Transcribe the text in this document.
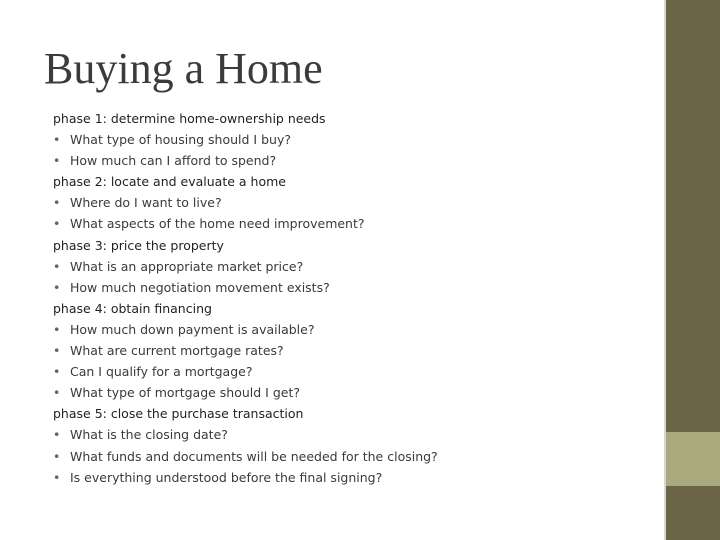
Buying a Home
phase 1: determine home-ownership needs
• What type of housing should I buy?
• How much can I afford to spend?
phase 2: locate and evaluate a home
• Where do I want to live?
• What aspects of the home need improvement?
phase 3: price the property
• What is an appropriate market price?
• How much negotiation movement exists?
phase 4: obtain financing
• How much down payment is available?
• What are current mortgage rates?
• Can I qualify for a mortgage?
• What type of mortgage should I get?
phase 5: close the purchase transaction
• What is the closing date?
• What funds and documents will be needed for the closing?
• Is everything understood before the final signing?
